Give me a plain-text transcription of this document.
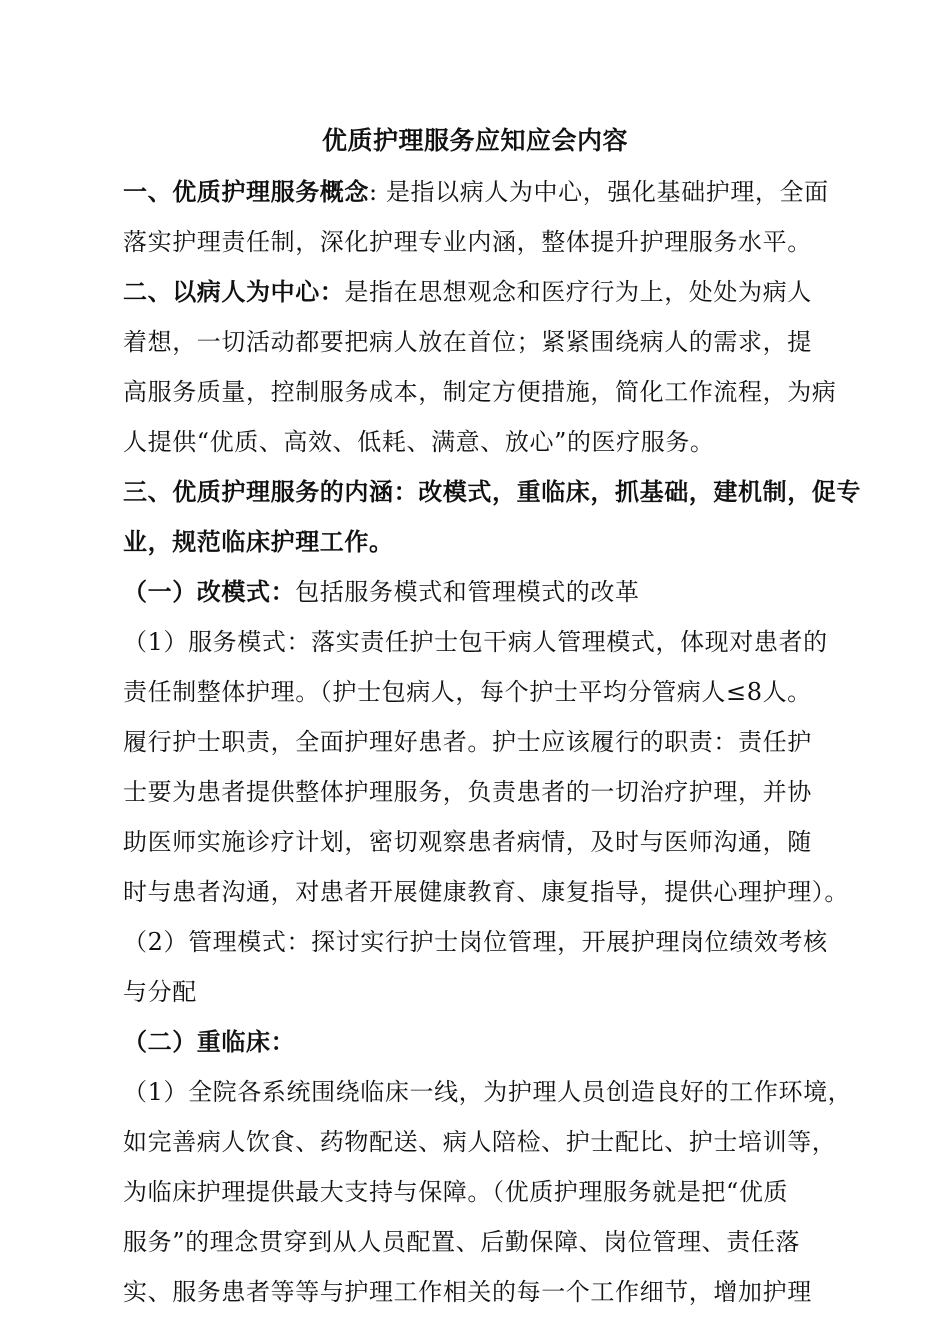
优质护理服务应知应会内容
一、优质护理服务概念: 是指以病人为中心，强化基础护理，全面
落实护理责任制，深化护理专业内涵，整体提升护理服务水平。
二、以病人为中心：是指在思想观念和医疗行为上，处处为病人
着想，一切活动都要把病人放在首位；紧紧围绕病人的需求，提
高服务质量，控制服务成本，制定方便措施，简化工作流程，为病
人提供“优质、高效、低耗、满意、放心”的医疗服务。
三、优质护理服务的内涵：改模式，重临床，抓基础，建机制，促专
业，规范临床护理工作。
（一）改模式：包括服务模式和管理模式的改革
（1）服务模式：落实责任护士包干病人管理模式，体现对患者的
责任制整体护理。（护士包病人，每个护士平均分管病人≤8人。
履行护士职责，全面护理好患者。护士应该履行的职责：责任护
士要为患者提供整体护理服务，负责患者的一切治疗护理，并协
助医师实施诊疗计划，密切观察患者病情，及时与医师沟通，随
时与患者沟通，对患者开展健康教育、康复指导，提供心理护理）。
（2）管理模式：探讨实行护士岗位管理，开展护理岗位绩效考核
与分配
（二）重临床：
（1）全院各系统围绕临床一线，为护理人员创造良好的工作环境，
如完善病人饮食、药物配送、病人陪检、护士配比、护士培训等，
为临床护理提供最大支持与保障。（优质护理服务就是把“优质
服务”的理念贯穿到从人员配置、后勤保障、岗位管理、责任落
实、服务患者等等与护理工作相关的每一个工作细节，增加护理
